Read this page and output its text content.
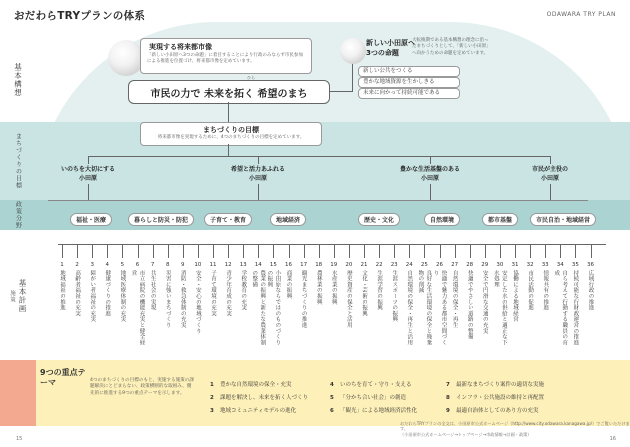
おだわらTRYプランの体系	ODAWARA TRY PLAN
基本構想
まちづくりの目標
政策分野
施策 基本計画
9つの重点テーマ
実現する将来都市像
「新しい小田原へ3つの命題」に着目することにより行政のみならず市民参加による推進を位置づけ、将来都市像を定めています。
市民の力で 未来を拓く 希望のまち
ひら
新しい小田原へ
3つの命題
大転換期である基本構想の理念に沿ったまちづくりとして、「新しい小田原」へ向かうための命題を定めています。
新しい公共をつくる
豊かな地域資源を生かしきる
未来に向かって持続可能である
まちづくりの目標
将来都市像を実現するために、4つのまちづくりの目標を定めています。
いのちを大切にする
小田原
希望と活力あふれる
小田原
豊かな生活基盤のある
小田原
市民が主役の
小田原
福祉・医療	暮らしと防災・防犯	子育て・教育	地域経済	歴史・文化	自然環境	都市基盤	市民自治・地域経営
1
地域福祉の推進
2
高齢者福祉の充実
3
障がい者福祉の充実
4
健康づくりの推進
5
地域医療体制の充実
6
市立病院の機能充実と健全経営
7
共生社会の実現
8
災害に強いまちづくり
9
消防・救急体制の充実
10
安全・安心の地域づくり
11
子育て環境の充実
12
青少年育成の充実
13
学校教育の充実
14
農業の振興と新たな農業体制の整備
15
小田原ならではのものづくりの振興
16
商業の振興
17
観光まちづくりの推進
18
農林業の振興
19
水産業の振興
20
歴史資産の保全と活用
21
文化・芸術の振興
22
生涯学習の振興
23
生涯スポーツの振興
24
自然環境の保全・再生と活用
25
良好な生活環境の保全と廃棄物の削減
26
快適で魅力ある都市空間づくり
27
自然環境の保全・再生
28
快適でやさしい道路の整備
29
安全で円滑な交通の充実
30
安定した水の供給と適正な下水処理
31
協働による地域経営
32
市民活動の促進
33
情報共有の推進
34
自ら考えて行動する職員の育成
35
持続可能な行財政運営の推進
36
広域行政の推進
4つのまちづくりの目標のもと、実施する施策の課題解決にとどまらない、政策横断的な取組み、優先的に推進する9つの重点テーマを示します。
1 豊かな自然環境の保全・充実
2 課題を解決し、未来を拓く人づくり
3 地域コミュニティモデルの進化
4 いのちを育て・守り・支える
5 「分かち合い社会」の創造
6 「観光」による地域経済活性化
7 最新なまちづくり案件の適切な実施
8 インフラ・公共施設の維持と再配置
9 最適自治体としてのあり方の充実
おだわらTRYプランの全文は、小田原市公式ホームページ（http://www.city.odawara.kanagawa.jp/）でご覧いただけます。
（小田原市公式ホームページ→トップページ→市政情報→計画・政策）
15	16
